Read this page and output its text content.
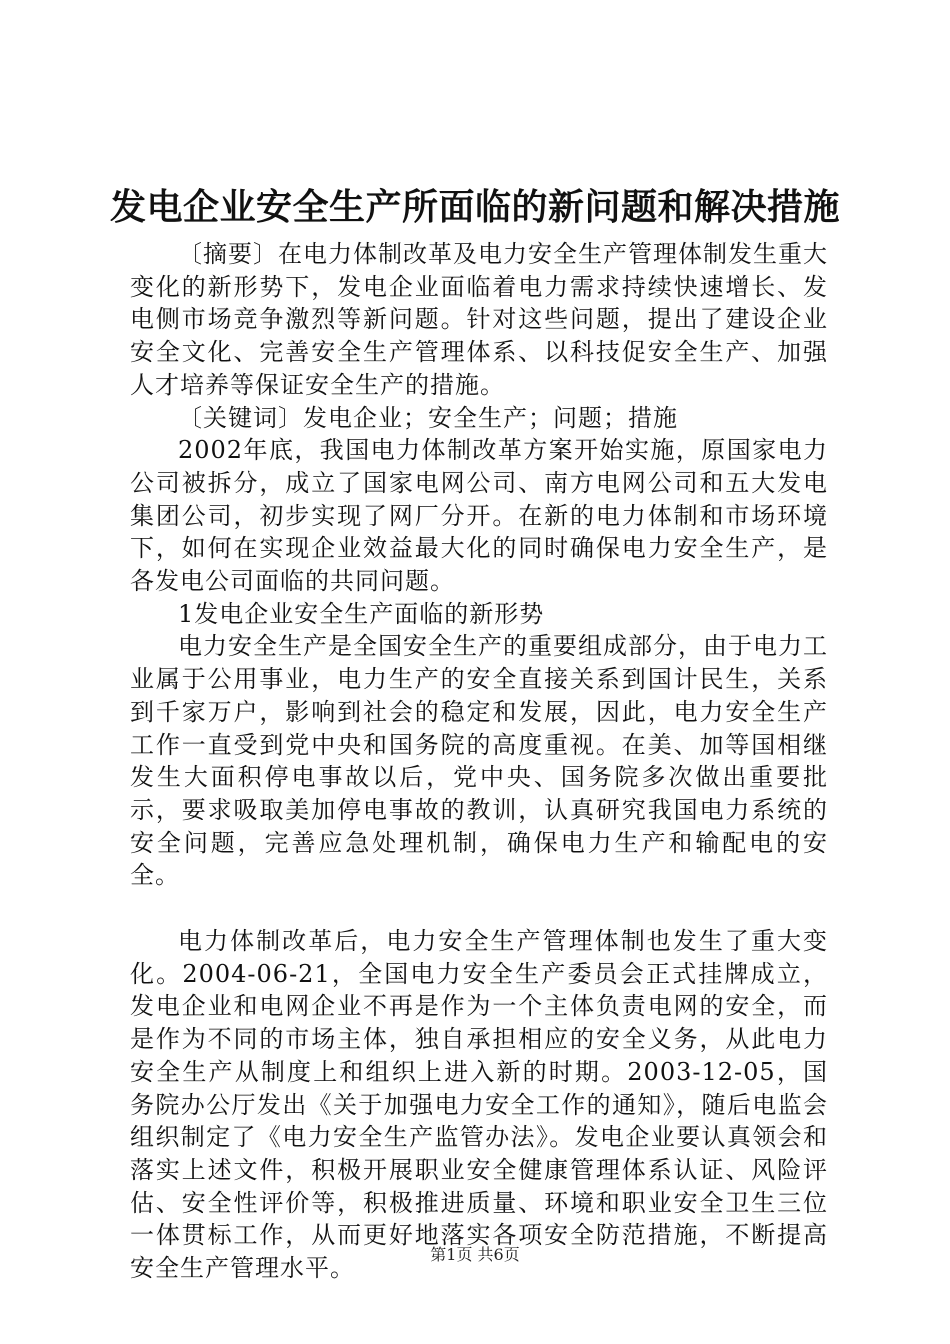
发电企业安全生产所面临的新问题和解决措施

〔摘要〕在电力体制改革及电力安全生产管理体制发生重大变化的新形势下，发电企业面临着电力需求持续快速增长、发电侧市场竞争激烈等新问题。针对这些问题，提出了建设企业安全文化、完善安全生产管理体系、以科技促安全生产、加强人才培养等保证安全生产的措施。

〔关键词〕发电企业；安全生产；问题；措施

2002年底，我国电力体制改革方案开始实施，原国家电力公司被拆分，成立了国家电网公司、南方电网公司和五大发电集团公司，初步实现了网厂分开。在新的电力体制和市场环境下，如何在实现企业效益最大化的同时确保电力安全生产，是各发电公司面临的共同问题。

1发电企业安全生产面临的新形势

电力安全生产是全国安全生产的重要组成部分，由于电力工业属于公用事业，电力生产的安全直接关系到国计民生，关系到千家万户，影响到社会的稳定和发展，因此，电力安全生产工作一直受到党中央和国务院的高度重视。在美、加等国相继发生大面积停电事故以后，党中央、国务院多次做出重要批示，要求吸取美加停电事故的教训，认真研究我国电力系统的安全问题，完善应急处理机制，确保电力生产和输配电的安全。

电力体制改革后，电力安全生产管理体制也发生了重大变化。2004-06-21，全国电力安全生产委员会正式挂牌成立，发电企业和电网企业不再是作为一个主体负责电网的安全，而是作为不同的市场主体，独自承担相应的安全义务，从此电力安全生产从制度上和组织上进入新的时期。2003-12-05，国务院办公厅发出《关于加强电力安全工作的通知》，随后电监会组织制定了《电力安全生产监管办法》。发电企业要认真领会和落实上述文件，积极开展职业安全健康管理体系认证、风险评估、安全性评价等，积极推进质量、环境和职业安全卫生三位一体贯标工作，从而更好地落实各项安全防范措施，不断提高安全生产管理水平。	第1页 共6页
